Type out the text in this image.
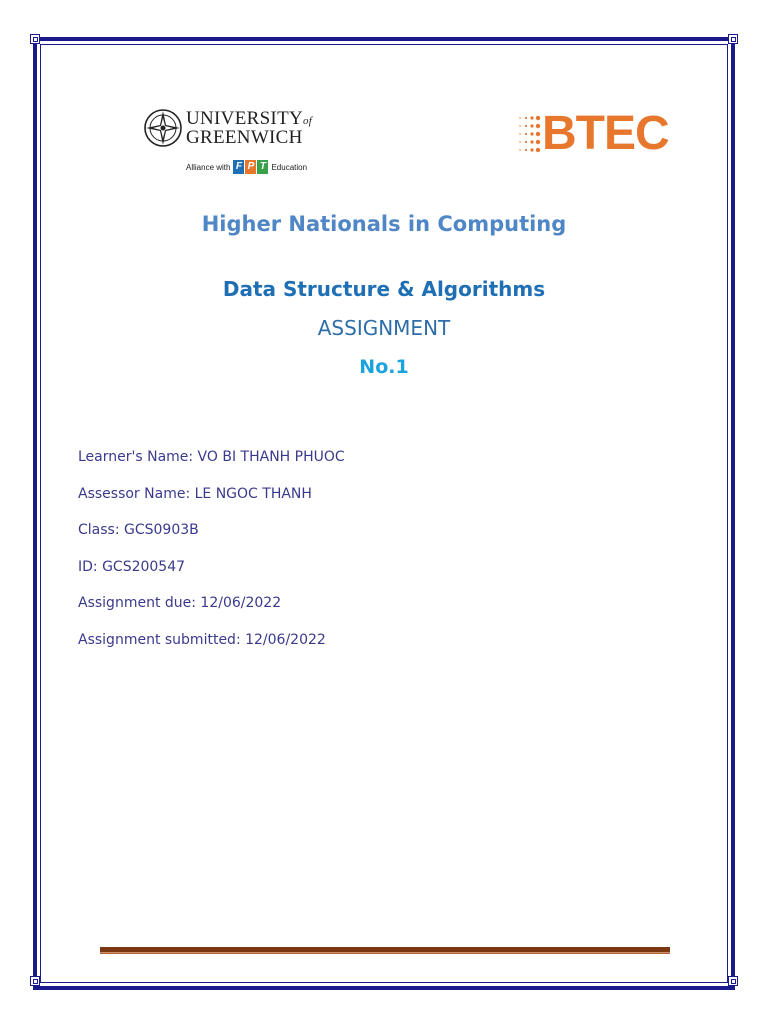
UNIVERSITYof
GREENWICH
Alliance with F P T Education
BTEC
Higher Nationals in Computing
Data Structure & Algorithms
ASSIGNMENT
No.1
Learner's Name: VO BI THANH PHUOC
Assessor Name: LE NGOC THANH
Class: GCS0903B
ID: GCS200547
Assignment due: 12/06/2022
Assignment submitted: 12/06/2022
